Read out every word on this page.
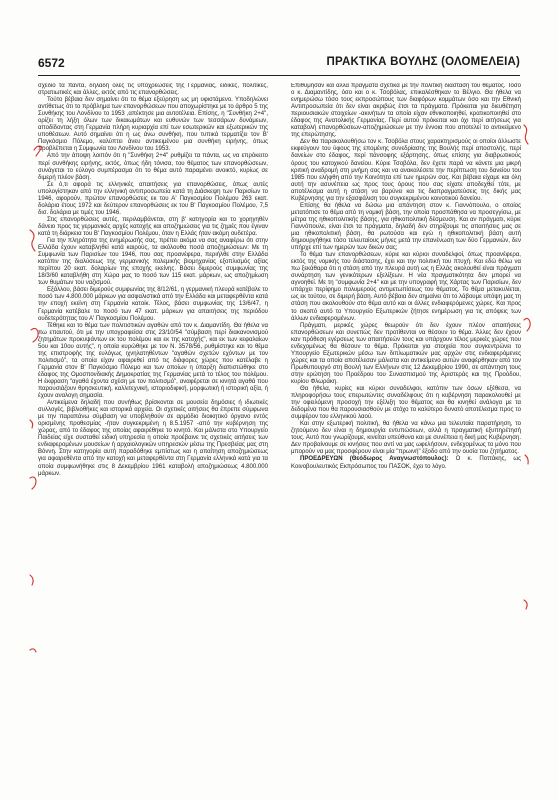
6572	ΠΡΑΚΤΙΚΑ ΒΟΥΛΗΣ (ΟΛΟΜΕΛΕΙΑ)

σχέδιο τα πάντα, δηλαδή όλες τις υποχρεώσεις της Γερμανίας, ειδικές, πολιτικές, στρατιωτικές και άλλες, εκτός από τις επανορθώσεις.

Τούτο βέβαια δεν σημαίνει ότι το θέμα εξεύρηση ως μη υφιστάμενο. Υποδηλώνει αντίθετως ότι το πρόβλημα των επανορθώσεων που αποχωρίστηκε με το άρθρο 5 της Συνθήκης του Λονδίνου το 1953 ,απέκτησε μια αυτοτέλεια. Επίσης, η "Συνθήκη 2+4", ορίζει τη λήξη όλων των δικαιωμάτων και ευθυνών των τεσσάρων δυνάμεων, αποδίδοντας στη Γερμανία πλήρη κυριαρχία επί των εσωτερικών και εξωτερικών της υποθέσεων. Αυτό σημαίνει ότι η ως άνω συνθήκη, που τυπικά τερματίζει τον Β' Παγκόσμιο Πόλεμο, καλύπτει άνευ αντικειμένου μια συνθήκη ειρήνης, όπως προβλέπεται η Συμφωνία του Λονδίνου του 1953.

Από την άποψη λοιπόν ότι η "Συνθήκη 2+4" ρυθμίζει τα πάντα, ως να επρόκειτο περί συνθήκης ειρήνης, εκτός, όπως ήδη τόνισα, του θέματος των επανορθώσεων, συνάγεται το εύλογο συμπέρασμα ότι το θέμα αυτό παραμένει ανοικτό, κυρίως σε διμερή πλέον βάση.

Σε ό,τι αφορά τις ελληνικές απαιτήσεις για επανορθώσεις, όπως αυτές υπολογίστηκαν από την ελληνική αντιπροσωπεία κατά τη Διάσκεψη των Παρισίων το 1946, αφορούν, πρώτον επανορθώσεις εκ του Α' Παγκοσμίου Πολέμου 263 εκατ. δολάρια έτους 1972 και δεύτερον επανορθώσεις εκ του Β' Παγκοσμίου Πολέμου, 7,5 δισ. δολάρια με τιμές του 1946.

Στις επανορθώσεις αυτές, περιλαμβάνεται, στη β' κατηγορία και το χορηγηθέν δάνειο προς τις γερμανικές αρχές κατοχής και αποζημιώσεις για τις ζημιές που έγιναν κατά τη διάρκεια του Β' Παγκοσμίου Πολέμου, όταν η Ελλάς ήταν ακόμη ουδετέρα.

Για την πληρότητα της ενημέρωσής σας, πρέπει ακόμα να σας αναφέρω ότι στην Ελλάδα έχουν καταβληθεί κατά καιρούς, τα ακόλουθα ποσά αποζημιώσεων: Με τη Συμφωνία των Παρισίων του 1946, που σας προανέφερα, περιήλθε στην Ελλάδα κατόπιν της διαλύσεως της γερμανικής πολεμικής βιομηχανίας εξοπλισμός αξίας περίπου 20 εκατ. δολαρίων της εποχής εκείνης. Βάσει διμερούς συμφωνίας της 18/3/60 καταβλήθη στη Χώρα μας το ποσό των 115 εκατ. μάρκων, ως αποζημίωση των θυμάτων του ναζισμού.

Εξάλλου, βάσει διμερούς συμφωνίας της 8/12/61, η γερμανική πλευρά κατέβαλε το ποσό των 4.800.000 μάρκων για ασφαλιστικά από την Ελλάδα και μεταφερθέντα κατά την εποχή εκείνη στη Γερμανία κατοίκ. Τέλος, βάσει συμφωνίας της 13/6/47, η Γερμανία κατέβαλε το ποσό των 47 εκατ. μάρκων για απαιτήσεις της περιόδου ουδετερότητας του Α' Παγκοσμίου Πολέμου.

Τέθηκε και το θέμα των πολιτιστικών αγαθών από τον κ. Διαμαντίδη. Θα ήθελα να πω επαυτού, ότι με την υπογραφείσα στις 23/10/54 "σύμβαση περί διακανονισμού ζητημάτων προκυψάντων εκ του πολέμου και εκ της κατοχής", και εκ των κεφαλαίων 5ου και 10ου αυτής", η οποία κυρώθηκε με τον Ν. 3578/56, ρυθμίστηκε και το θέμα της επιστροφής της ευλόγως ιχνηλατηθέντων "αγαθών σχετών εχόντων με τον πολιτισμό", τα οποία είχαν αφαιρεθεί από τις διάφορες χώρες που κατέλαβε η Γερμανία στον Β' Παγκόσμιο Πόλεμο και των οποίων η ύπαρξη διαπιστώθηκε στο έδαφος της Ομοσπονδιακής Δημοκρατίας της Γερμανίας μετά το τέλος του πολέμου. Η έκφραση "αγαθά έχοντα σχέση με τον πολιτισμό", αναφέρεται σε κινητά αγαθά που παρουσιάζουν θρησκευτική, καλλιτεχνική, ιστοριοδιφική, μορφωτική ή ιστορική αξία, ή έχουν αναλογη σημασία.

Αντικείμενα δηλαδή που συνήθως βρίσκονται σε μουσεία δημόσιες ή ιδιωτικές συλλογές, βιβλιοθήκες και ιστορικά αρχεία. Οι σχετικές αιτήσεις θα έπρεπε σύμφωνα με την παραπάνω σύμβαση να υποβληθούν σε αρμόδιο διοικητικό όργανο εντός ορισμένης προθεσμίας -ήταν συγκεκριμένη η 8.5.1957 -από την κυβέρνηση της χώρας, από το έδαφος της οποίας αφαιρέθηκε το κινητό. Και μάλιστα στο Υπουργείο Παιδείας είχε συσταθεί ειδική υπηρεσία η οποία προέβαινε τις σχετικές αιτήσεις των ενδιαφερομένων μουσείων ή αρχαιολογικών υπηρεσιών μέσω της Πρεσβείας μας στη Βόννη. Στην κατηγορία αυτή παραδόθηκε εμπίστως και η απαίτηση αποζημιώσεως για αφαιρεθέντα από την κατοχή και μεταφερθέντα στη Γερμανία ελληνικά κατά για τα οποία συμφωνήθηκε στις 8 Δεκεμβρίου 1961 καταβολή αποζημιώσεως 4.800.000 μάρκων.

Επιθυμήσαν και άλλα πράγματα σχετικά με την πολιτική διάσταση του θέματος. Τόσο ο κ. Διαμαντίδης, όσο και ο κ. Τσοβόλας, επικαλέσθηκαν το Βέλγιο. Θα ήθελα να ενημερώσω τόσο τους εκπροσώπους των διαφόρων κομμάτων όσο και την Εθνική Αντιπροσωπεία ότι δεν είναι ακριβώς έτσι τα πράγματα. Πρόκειται για διευθέτηση περιουσιακών στοιχείων -ακινήτων τα οποία είχαν εθνικοποιηθεί, κρατικοποιηθεί στο έδαφος της Ανατολικής Γερμανίας. Περί αυτού πρόκειται και όχι περί αιτήσεως για καταβολή επανορθώσεων-αποζημιώσεων με την έννοια που αποτελεί το αντικείμενο της επερώτησης.

Δεν θα παρακολουθήσω τον κ. Τσοβόλα στους χαρακτηρισμούς οι οποίοι άλλωστε εκφεύγουν του ύφους της επομένης συνεδρίασης της Βουλής περί αποστολής, περί δανείων στο έδαφος, περί πάνσοφης εξάρτησης, όπως επίσης για διαβρωτικούς όρους του κατοχικού δανείου. Κύριε Τσοβόλα, δεν έχετε παρά να κάνετε μια μικρή κριτική αναδρομή στη μνήμη σας και να ανακαλέσετε την περίπτωση του δανείου του 1985 που ελήφθη από την Κοινότητα επί των ημερών σας. Και βέβαια είχαμε και όλη αυτή την ασυνέπεια ως προς τους όρους που σας είχατε αποδεχθεί τότε, με αποτέλεσμα αυτή η στάση να βαρύνει και τις διαπραγματεύσεις της δικής μας Κυβέρνησης για την εξασφάλιση του συγκεκριμένου κοινοτικού δανείου.

Επίσης θα ήθελα να δώσω μια απάντηση στον κ. Γιαννόπουλο, ο οποίος μετατόπισε το θέμα από τη νομική βάση, την οποία προσπάθησα να προσεγγίσω, με μέτρα της ηθικοπολιτικής βάσης, για ηθικοπολιτική δέσμευση. Και αν πράγματι, κύριε Γιαννόπουλε, είναι έτσι τα πράγματα, δηλαδή δεν στηρίζουμε τις απαιτήσεις μας σε μια ηθικοπολιτική βάση, θα ρωτούσα και εγώ η ηθικοπολιτική βάση αυτή δημιουργήθηκε τόσο τελευταίους μήνες μετά την επανένωση των δύο Γερμανιών, δεν υπήρχε επί των ημερών των δικών σας;

Το θέμα των επανορθώσεων, κύριε και κύριοι συναδελφοί, όπως προανέφερα, εκτός της νομικής του διάστασης, έχει και την πολιτική του πτυχή. Και εδώ θέλω να πω ξεκάθαρα ότι η στάση από την πλευρά αυτή ως η Ελλάς ακολουθεί είναι πράγματι συνάρτηση των γενικότερων εξελίξεων. Η νέα πραγματικότητα δεν μπορεί να αγνοηθεί. Με τη "συμφωνία 2+4" και με την υπογραφή της Χάρτας των Παρισίων, δεν υπάρχει περίφημο πολυμερούς αντιμετωπίσεως του θέματος. Το θέμα μετακυλίεται, ως εκ τούτου, σε διμερή βάση. Αυτό βέβαια δεν σημαίνει ότι το λάβουμε υπόψη μας τη στάση που ακολουθούν στο θέμα αυτό και οι άλλες ενδιαφερόμενες χώρες. Και προς το σκοπό αυτό το Υπουργείο Εξωτερικών ζήτησε ενημέρωση για τις απόψεις των άλλων ενδιαφερομένων.

Πράγματι, μερικές χώρες θεωρούν ότι δεν έχουν πλέον απαιτήσεις επανορθώσεων και συνεπώς δεν προτίθενται να θέσουν το θέμα. Άλλες δεν έχουν καν πρόθεση εγέρσεως των απαιτήσεών τους και υπάρχουν τέλος μερικές χώρες που ενδεχομένως θα θέσουν το θέμα. Πρόκειται για στοιχεία που συγκεντρώνει το Υπουργείο Εξωτερικών μέσω των διπλωματικών μας αρχών στις ενδιαφερόμενες χώρες και τα οποία αποτέλεσαν μάλιστα και αντικείμενο αυτών αναφέρθηκαν από τον Πρωθυπουργό στη Βουλή των Ελλήνων στις 12 Δεκεμβρίου 1990, σε απάντηση τους στην ερώτηση του Προέδρου του Συνασπισμού της Αριστεράς και της Προόδου, κυρίου Φλωράκη.

Θα ήθελα, κυρίες και κύριοι συναδελφοι, κατόπιν των όσων εξέθεσα, να πληροφορήσω τους επερωτώντες συναδέλφους ότι η κυβέρνηση παρακολουθεί με την οφειλόμενη προσοχή την εξέλιξη του θέματος και θα κινηθεί ανάλογα με τα δεδομένα που θα παρουσιασθούν με στόχο το καλύτερο δυνατό αποτέλεσμα προς το συμφέρον του ελληνικού λαού.

Και στην εξωτερική πολιτική, θα ήθελα να κάνω μια τελευταία παρατήρηση, το ζητούμενο δεν είναι η δημιουργία εντυπώσεων, αλλά η πραγματική εξυπηρέτησή τους. Αυτό που γνωρίζουμε, κινείται υπεύθυνα και με συνέπεια η δική μας Κυβέρνηση. Δεν προβαίνουμε σε κινήσεις που αντί να μας ωφελήσουν, ενδεχομένως το μόνο που μπορούν να μας προσφέρουν είναι μία "πρωινή" έξοδο από την ουσία του ζητήματος.

ΠΡΟΕΔΡΕΥΩΝ (Θεόδωρος Αναγνωστόπουλος): Ο κ. Ποττάκης, ως Κοινοβουλευτικός Εκπρόσωπος του ΠΑΣΟΚ, έχει το λόγο.
